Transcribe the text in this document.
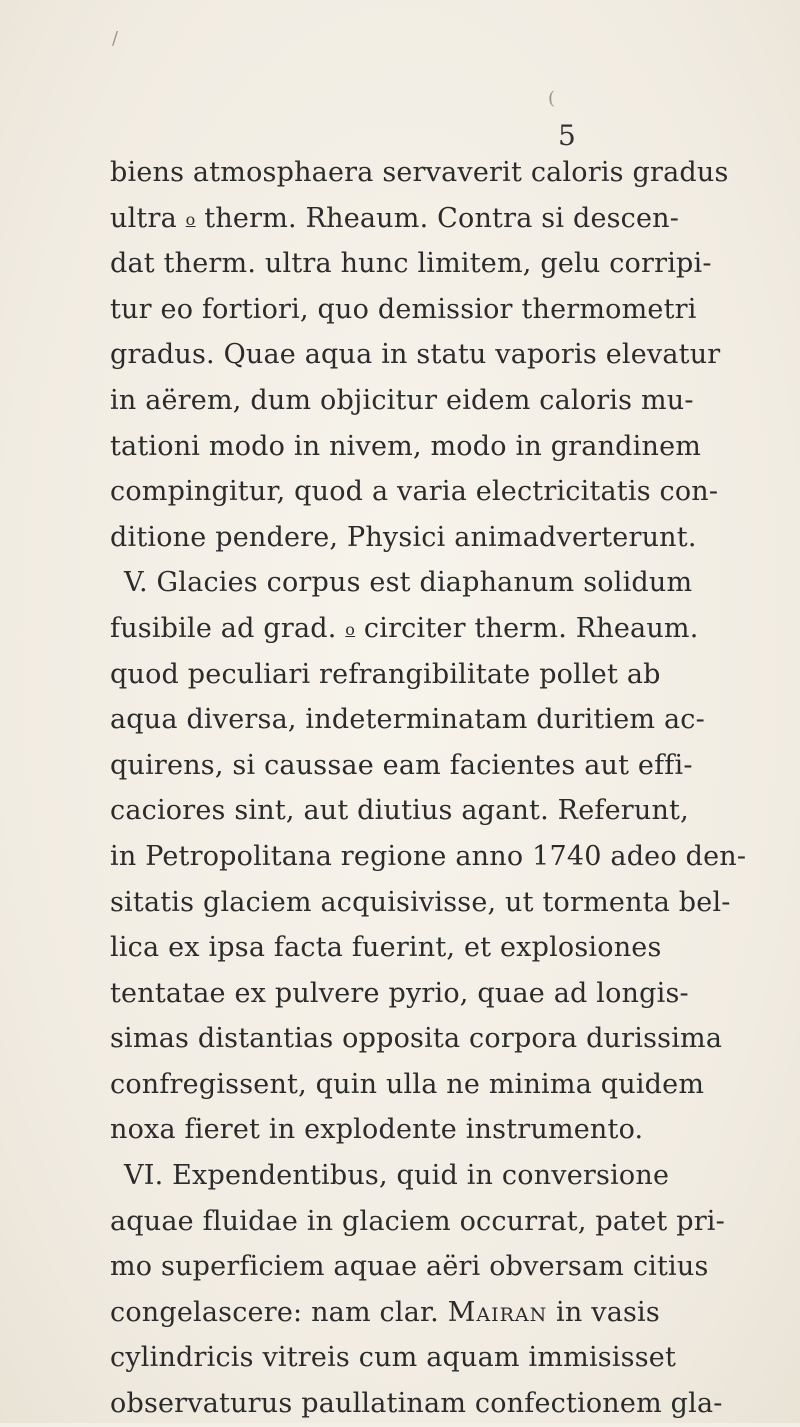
/
(
5
biens atmosphaera servaverit caloris gradus
ultra o therm. Rheaum. Contra si descen-
dat therm. ultra hunc limitem, gelu corripi-
tur eo fortiori, quo demissior thermometri
gradus. Quae aqua in statu vaporis elevatur
in aërem, dum objicitur eidem caloris mu-
tationi modo in nivem, modo in grandinem
compingitur, quod a varia electricitatis con-
ditione pendere, Physici animadverterunt.
V. Glacies corpus est diaphanum solidum
fusibile ad grad. o circiter therm. Rheaum.
quod peculiari refrangibilitate pollet ab
aqua diversa, indeterminatam duritiem ac-
quirens, si caussae eam facientes aut effi-
caciores sint, aut diutius agant. Referunt,
in Petropolitana regione anno 1740 adeo den-
sitatis glaciem acquisivisse, ut tormenta bel-
lica ex ipsa facta fuerint, et explosiones
tentatae ex pulvere pyrio, quae ad longis-
simas distantias opposita corpora durissima
confregissent, quin ulla ne minima quidem
noxa fieret in explodente instrumento.
VI. Expendentibus, quid in conversione
aquae fluidae in glaciem occurrat, patet pri-
mo superficiem aquae aëri obversam citius
congelascere: nam clar. Mairan in vasis
cylindricis vitreis cum aquam immisisset
observaturus paullatinam confectionem gla-
